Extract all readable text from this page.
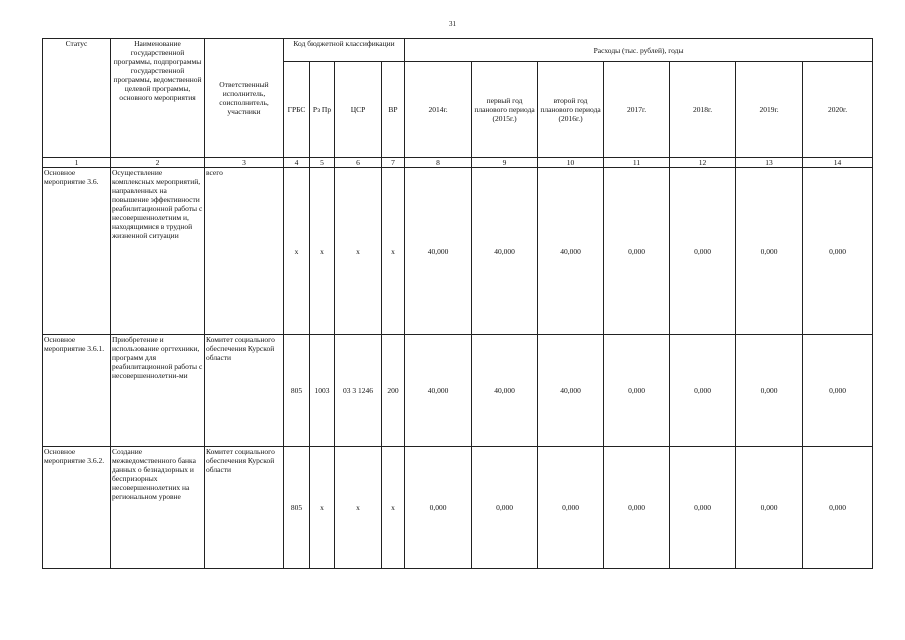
31
Статус	Наименование государственной программы, подпрограммы государственной программы, ведомственной целевой программы, основного мероприятия	Ответственный исполнитель, соисполнитель, участники	Код бюджетной классификации				Расходы (тыс. рублей), годы						
			ГРБС	Рз Пр	ЦСР	ВР	2014г.	первый год планового периода (2015г.)	второй год планового периода (2016г.)	2017г.	2018г.	2019г.	2020г.
1	2	3	4	5	6	7	8	9	10	11	12	13	14
Основное мероприятие 3.6.	Осуществление комплексных мероприятий, направленных на повышение эффективности реабилитационной работы с несовершеннолетним и, находящимися в трудной жизненной ситуации	всего	х	х	х	х	40,000	40,000	40,000	0,000	0,000	0,000	0,000
Основное мероприятие 3.6.1.	Приобретение и использование оргтехники, программ для реабилитационной работы с несовершеннолетни-ми	Комитет социального обеспечения Курской области	805	1003	03 3 1246	200	40,000	40,000	40,000	0,000	0,000	0,000	0,000
Основное мероприятие 3.6.2.	Создание межведомственного банка данных о безнадзорных и беспризорных несовершеннолетних на региональном уровне	Комитет социального обеспечения Курской области	805	х	х	х	0,000	0,000	0,000	0,000	0,000	0,000	0,000
